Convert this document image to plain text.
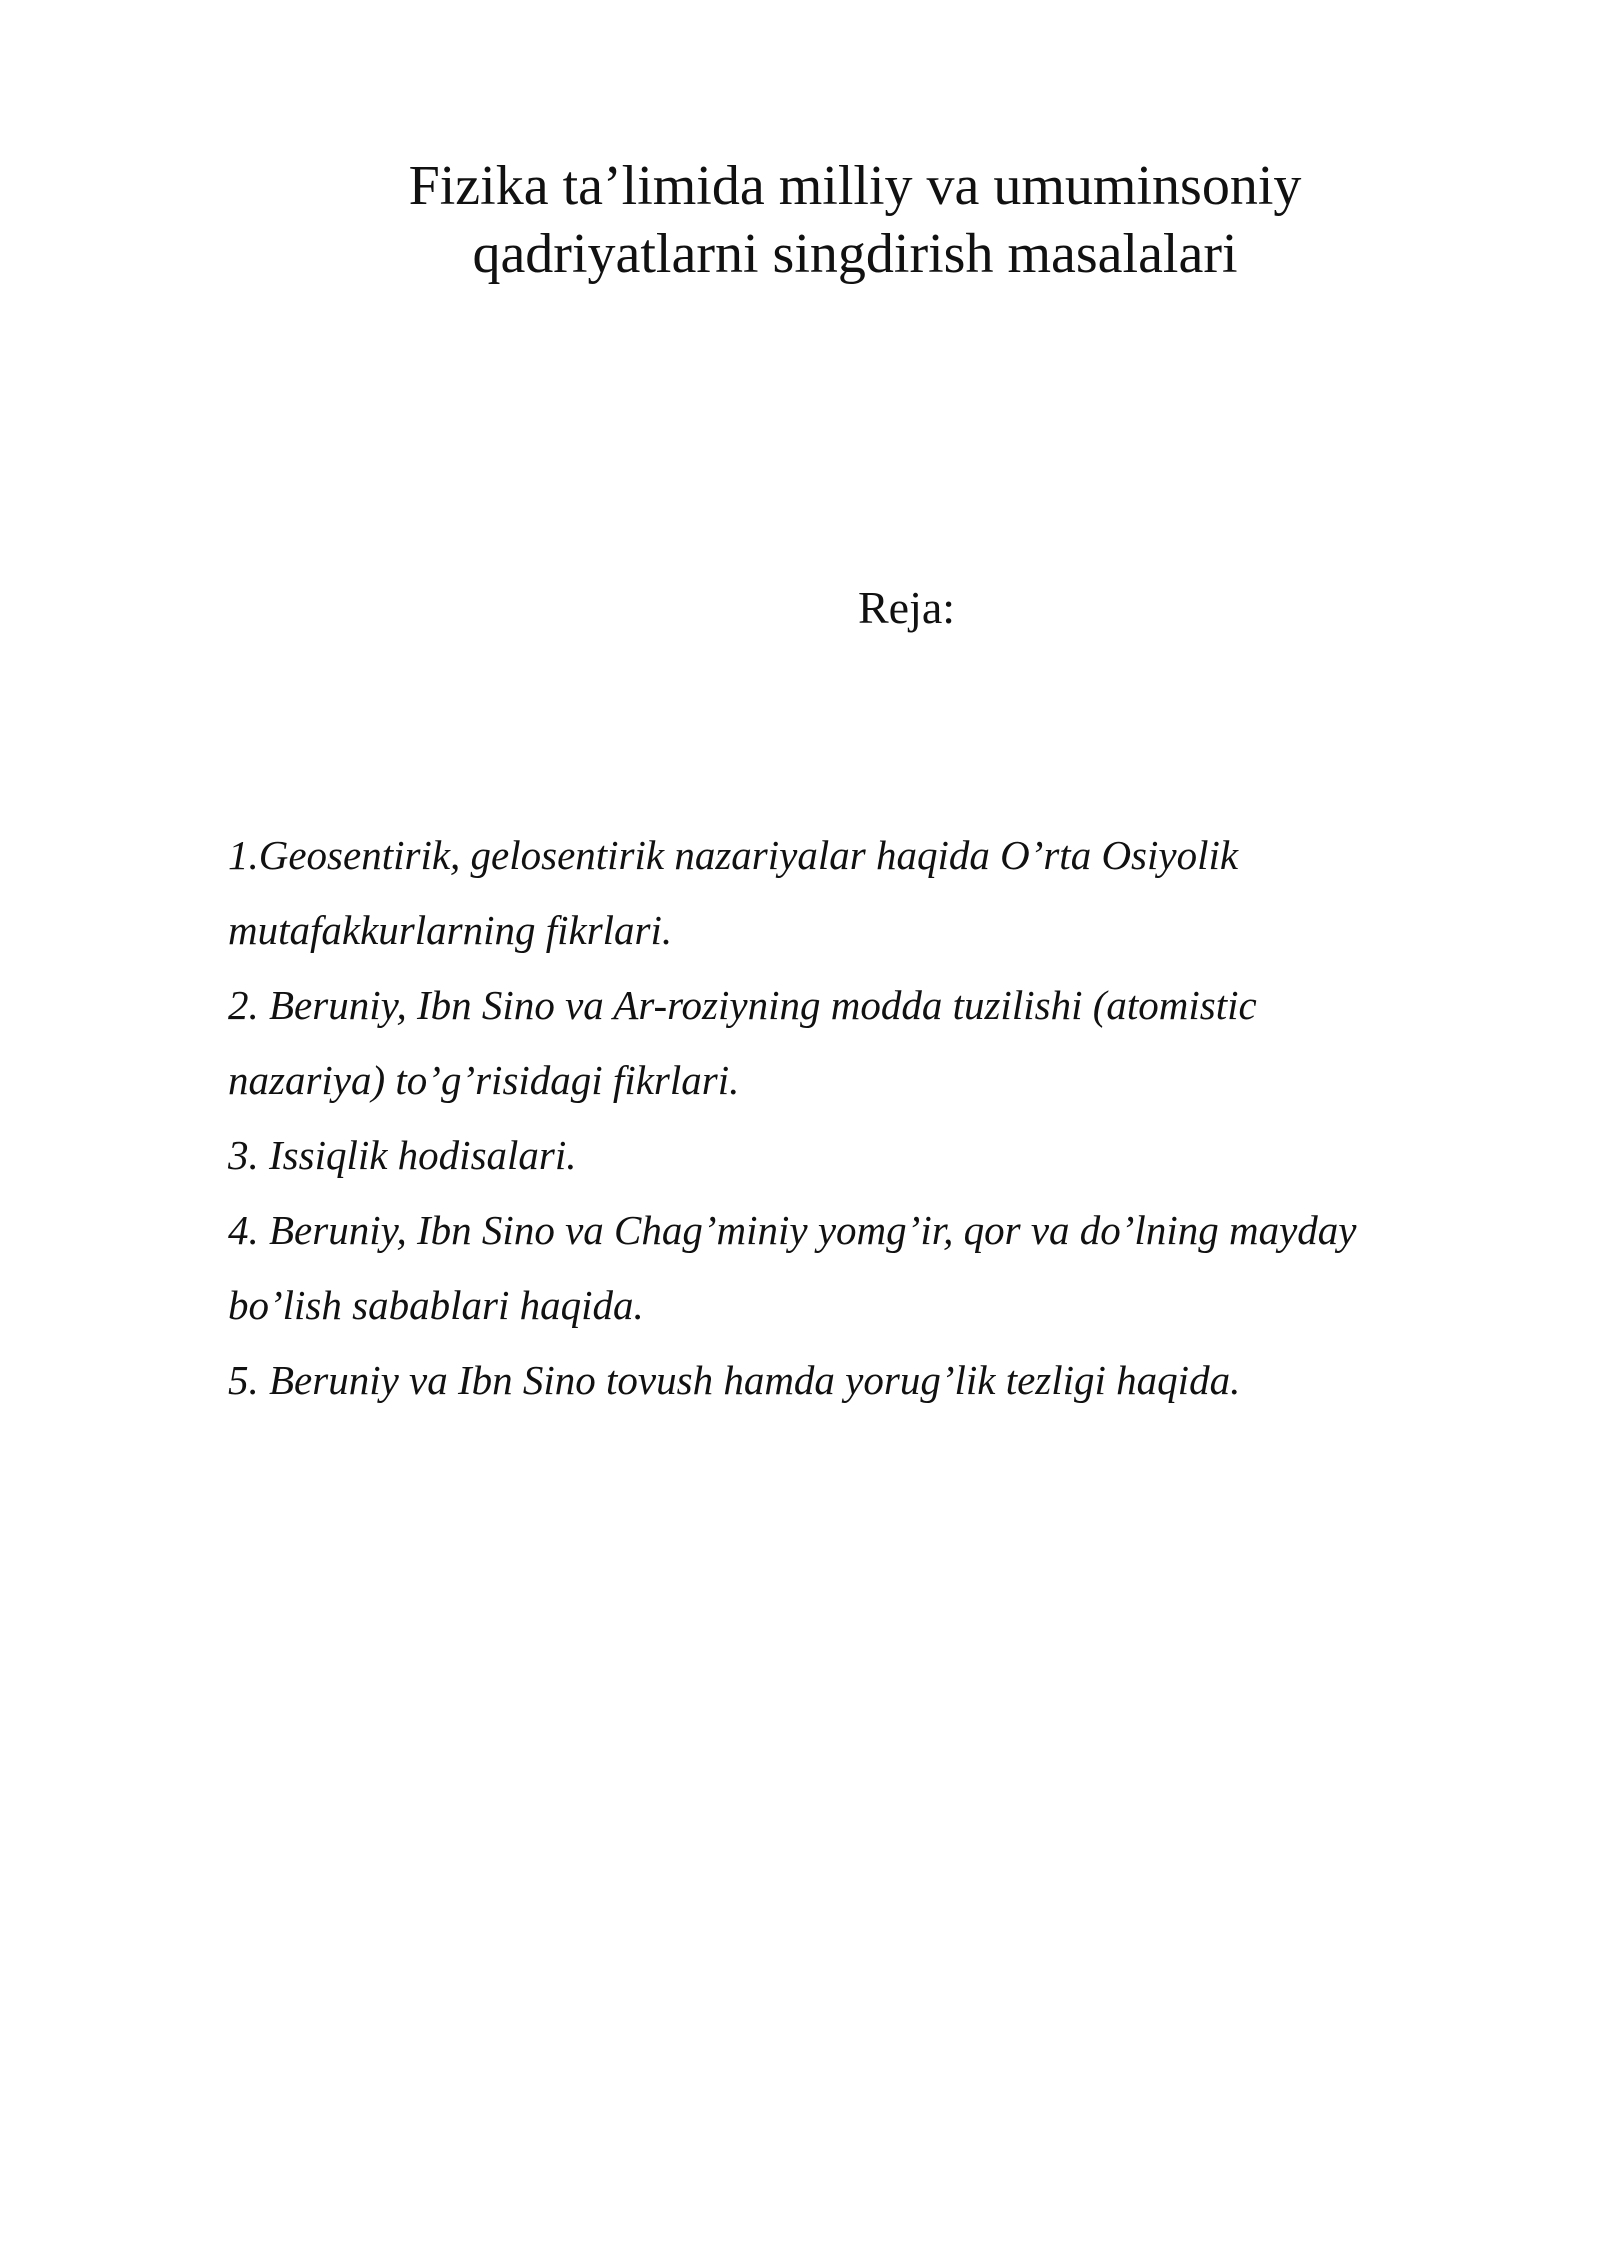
Fizika ta’limida milliy va umuminsoniy
qadriyatlarni singdirish masalalari
Reja:
1.Geosentirik, gelosentirik nazariyalar haqida O’rta Osiyolik
mutafakkurlarning fikrlari.
2. Beruniy, Ibn Sino va Ar-roziyning modda tuzilishi (atomistic
nazariya) to’g’risidagi fikrlari.
3. Issiqlik hodisalari.
4. Beruniy, Ibn Sino va Chag’miniy yomg’ir, qor va do’lning mayday
bo’lish sabablari haqida.
5. Beruniy va Ibn Sino tovush hamda yorug’lik tezligi haqida.
